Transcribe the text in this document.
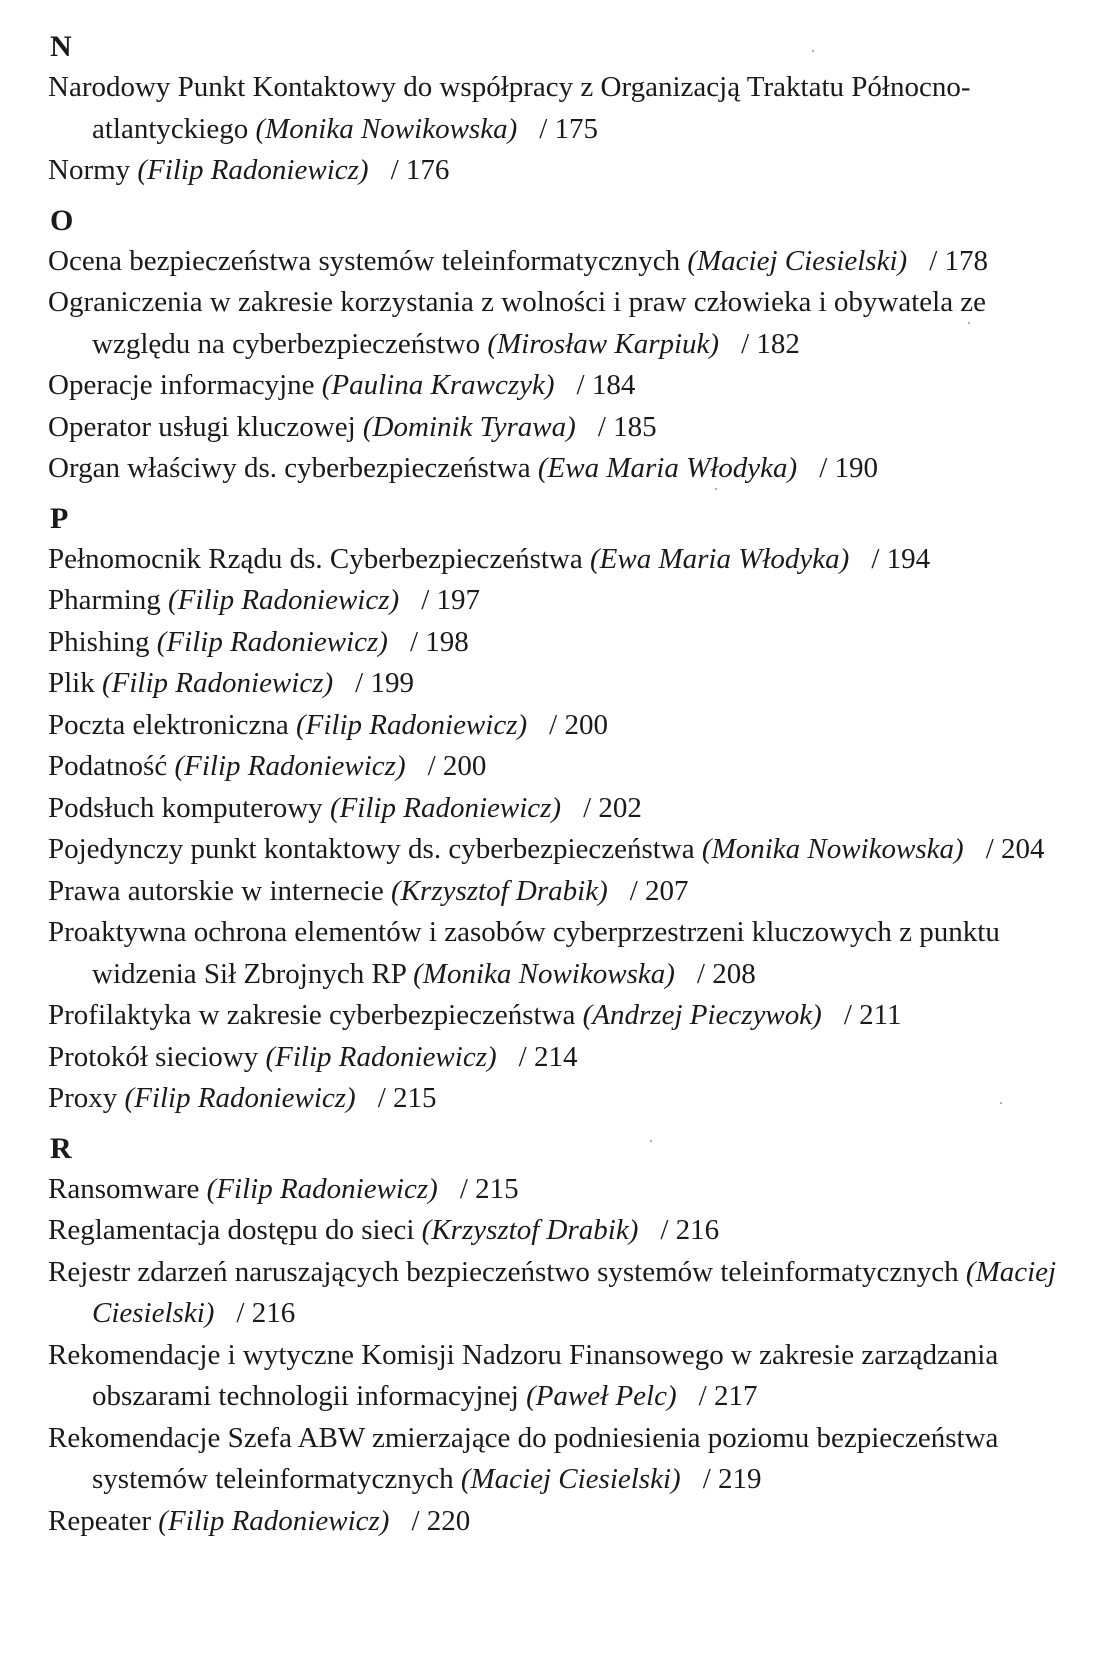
N

Narodowy Punkt Kontaktowy do współpracy z Organizacją Traktatu Północno-atlantyckiego (Monika Nowikowska) / 175

Normy (Filip Radoniewicz) / 176

O

Ocena bezpieczeństwa systemów teleinformatycznych (Maciej Ciesielski) / 178

Ograniczenia w zakresie korzystania z wolności i praw człowieka i obywatela ze względu na cyberbezpieczeństwo (Mirosław Karpiuk) / 182

Operacje informacyjne (Paulina Krawczyk) / 184

Operator usługi kluczowej (Dominik Tyrawa) / 185

Organ właściwy ds. cyberbezpieczeństwa (Ewa Maria Włodyka) / 190

P

Pełnomocnik Rządu ds. Cyberbezpieczeństwa (Ewa Maria Włodyka) / 194

Pharming (Filip Radoniewicz) / 197

Phishing (Filip Radoniewicz) / 198

Plik (Filip Radoniewicz) / 199

Poczta elektroniczna (Filip Radoniewicz) / 200

Podatność (Filip Radoniewicz) / 200

Podsłuch komputerowy (Filip Radoniewicz) / 202

Pojedynczy punkt kontaktowy ds. cyberbezpieczeństwa (Monika Nowikowska) / 204

Prawa autorskie w internecie (Krzysztof Drabik) / 207

Proaktywna ochrona elementów i zasobów cyberprzestrzeni kluczowych z punktu widzenia Sił Zbrojnych RP (Monika Nowikowska) / 208

Profilaktyka w zakresie cyberbezpieczeństwa (Andrzej Pieczywok) / 211

Protokół sieciowy (Filip Radoniewicz) / 214

Proxy (Filip Radoniewicz) / 215

R

Ransomware (Filip Radoniewicz) / 215

Reglamentacja dostępu do sieci (Krzysztof Drabik) / 216

Rejestr zdarzeń naruszających bezpieczeństwo systemów teleinformatycznych (Maciej Ciesielski) / 216

Rekomendacje i wytyczne Komisji Nadzoru Finansowego w zakresie zarządzania obszarami technologii informacyjnej (Paweł Pelc) / 217

Rekomendacje Szefa ABW zmierzające do podniesienia poziomu bezpieczeństwa systemów teleinformatycznych (Maciej Ciesielski) / 219

Repeater (Filip Radoniewicz) / 220
